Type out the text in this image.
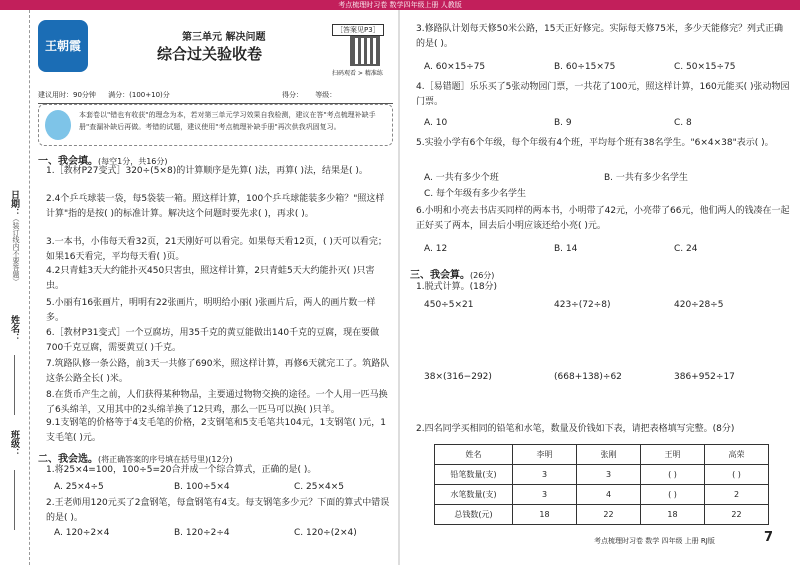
考点梳理时习卷 数学四年级上册 人教版
日期：
（装订线内不要答题）
姓名：
班级：
王朝霞
第三单元 解决问题
综合过关验收卷
［答案见P3］
扫码观看 > 精准练
建议用时：90分钟 满分：(100+10)分	得分： 等级：
本套卷以"错也有收获"的理念为本，若对第三单元学习效果自我检测，建议在答"考点梳理补缺手册"查漏补缺后再做。考错的试题，建议使用"考点梳理补缺手册"再次供我巩固复习。
一、我会填。(每空1分，共16分)
1.［教材P27变式］320÷(5×8)的计算顺序是先算( )法，再算( )法，结果是( )。
2.4个乒乓球装一袋，每5袋装一箱。照这样计算，100个乒乓球能装多少箱？"照这样计算"指的是按( )的标准计算。解决这个问题时要先求( )，再求( )。
3.一本书，小伟每天看32页，21天刚好可以看完。如果每天看12页，( )天可以看完；如果16天看完，平均每天看( )页。
4.2只青蛙3天大约能扑灭450只害虫，照这样计算，2只青蛙5天大约能扑灭( )只害虫。
5.小丽有16张画片，明明有22张画片，明明给小丽( )张画片后，两人的画片数一样多。
6.［教材P31变式］一个豆腐坊，用35千克的黄豆能做出140千克的豆腐，现在要做700千克豆腐，需要黄豆( )千克。
7.筑路队修一条公路，前3天一共修了690米，照这样计算，再修6天就完工了。筑路队这条公路全长( )米。
8.在货币产生之前，人们获得某种物品，主要通过物物交换的途径。一个人用一匹马换了6头绵羊，又用其中的2头绵羊换了12只鸡，那么一匹马可以换( )只羊。
9.1支钢笔的价格等于4支毛笔的价格，2支钢笔和5支毛笔共104元，1支钢笔( )元，1支毛笔( )元。
二、我会选。(将正确答案的序号填在括号里)(12分)
1.将25×4=100，100÷5=20合并成一个综合算式，正确的是( )。
A. 25×4÷5	B. 100÷5×4	C. 25×4×5
2.王老师用120元买了2盒钢笔，每盒钢笔有4支。每支钢笔多少元？下面的算式中错误的是( )。
A. 120÷2×4	B. 120÷2÷4	C. 120÷(2×4)
3.修路队计划每天修50米公路，15天正好修完。实际每天修75米，多少天能修完？列式正确的是( )。
A. 60×15÷75	B. 60÷15×75	C. 50×15÷75
4.［易错题］乐乐买了5张动物园门票，一共花了100元，照这样计算，160元能买( )张动物园门票。
A. 10	B. 9	C. 8
5.实验小学有6个年级，每个年级有4个班，平均每个班有38名学生。"6×4×38"表示( )。
A. 一共有多少个班	B. 一共有多少名学生
C. 每个年级有多少名学生
6.小明和小亮去书店买同样的两本书，小明带了42元，小亮带了66元，他们两人的钱凑在一起正好买了两本，回去后小明应该还给小亮( )元。
A. 12	B. 14	C. 24
三、我会算。(26分)
1.脱式计算。(18分)
450÷5×21	423÷(72÷8)	420÷28÷5
38×(316−292)	(668+138)÷62	386+952÷17
2.四名同学买相同的铅笔和水笔，数量及价钱如下表，请把表格填写完整。(8分)
姓名	李明	张刚	王明	高荣
铅笔数量(支)	3	3	( )	( )
水笔数量(支)	3	4	( )	2
总钱数(元)	18	22	18	22
考点梳理时习卷 数学 四年级 上册 RJ版	7
